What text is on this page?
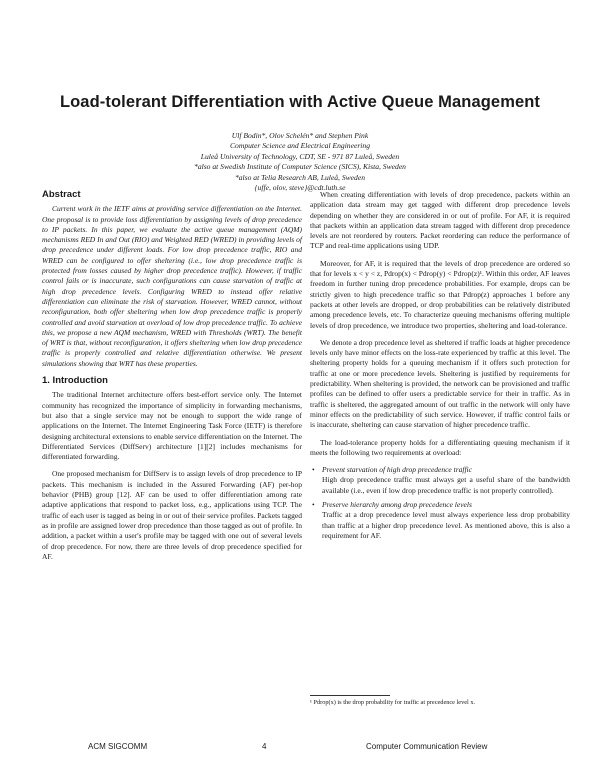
Load-tolerant Differentiation with Active Queue Management
Ulf Bodin*, Olov Schelén* and Stephen Pink
Computer Science and Electrical Engineering
Luleå University of Technology, CDT, SE - 971 87 Luleå, Sweden
*also at Swedish Institute of Computer Science (SICS), Kista, Sweden
*also at Telia Research AB, Luleå, Sweden
{uffe, olov, steve}@cdt.luth.se
Abstract

Current work in the IETF aims at providing service differentiation on the Internet. One proposal is to provide loss differentiation by assigning levels of drop precedence to IP packets. In this paper, we evaluate the active queue management (AQM) mechanisms RED In and Out (RIO) and Weighted RED (WRED) in providing levels of drop precedence under different loads. For low drop precedence traffic, RIO and WRED can be configured to offer sheltering (i.e., low drop precedence traffic is protected from losses caused by higher drop precedence traffic). However, if traffic control fails or is inaccurate, such configurations can cause starvation of traffic at high drop precedence levels. Configuring WRED to instead offer relative differentiation can eliminate the risk of starvation. However, WRED cannot, without reconfiguration, both offer sheltering when low drop precedence traffic is properly controlled and avoid starvation at overload of low drop precedence traffic. To achieve this, we propose a new AQM mechanism, WRED with Thresholds (WRT). The benefit of WRT is that, without reconfiguration, it offers sheltering when low drop precedence traffic is properly controlled and relative differentiation otherwise. We present simulations showing that WRT has these properties.

1. Introduction

The traditional Internet architecture offers best-effort service only. The Internet community has recognized the importance of simplicity in forwarding mechanisms, but also that a single service may not be enough to support the wide range of applications on the Internet. The Internet Engineering Task Force (IETF) is therefore designing architectural extensions to enable service differentiation on the Internet. The Differentiated Services (DiffServ) architecture [1][2] includes mechanisms for differentiated forwarding.

One proposed mechanism for DiffServ is to assign levels of drop precedence to IP packets. This mechanism is included in the Assured Forwarding (AF) per-hop behavior (PHB) group [12]. AF can be used to offer differentiation among rate adaptive applications that respond to packet loss, e.g., applications using TCP. The traffic of each user is tagged as being in or out of their service profiles. Packets tagged as in profile are assigned lower drop precedence than those tagged as out of profile. In addition, a packet within a user's profile may be tagged with one out of several levels of drop precedence. For now, there are three levels of drop precedence specified for AF.

When creating differentiation with levels of drop precedence, packets within an application data stream may get tagged with different drop precedence levels depending on whether they are considered in or out of profile. For AF, it is required that packets within an application data stream tagged with different drop precedence levels are not reordered by routers. Packet reordering can reduce the performance of TCP and real-time applications using UDP.

Moreover, for AF, it is required that the levels of drop precedence are ordered so that for levels x < y < z, Pdrop(x) < Pdrop(y) < Pdrop(z)¹. Within this order, AF leaves freedom in further tuning drop precedence probabilities. For example, drops can be strictly given to high precedence traffic so that Pdrop(z) approaches 1 before any packets at other levels are dropped, or drop probabilities can be relatively distributed among precedence levels, etc. To characterize queuing mechanisms offering multiple levels of drop precedence, we introduce two properties, sheltering and load-tolerance.

We denote a drop precedence level as sheltered if traffic loads at higher precedence levels only have minor effects on the loss-rate experienced by traffic at this level. The sheltering property holds for a queuing mechanism if it offers such protection for traffic at one or more precedence levels. Sheltering is justified by requirements for predictability. When sheltering is provided, the network can be provisioned and traffic profiles can be defined to offer users a predictable service for their in traffic. As in traffic is sheltered, the aggregated amount of out traffic in the network will only have minor effects on the predictability of such service. However, if traffic control fails or is inaccurate, sheltering can cause starvation of higher precedence traffic.

The load-tolerance property holds for a differentiating queuing mechanism if it meets the following two requirements at overload:

• Prevent starvation of high drop precedence traffic
High drop precedence traffic must always get a useful share of the bandwidth available (i.e., even if low drop precedence traffic is not properly controlled).
• Preserve hierarchy among drop precedence levels
Traffic at a drop precedence level must always experience less drop probability than traffic at a higher drop precedence level. As mentioned above, this is also a requirement for AF.
¹ Pdrop(x) is the drop probability for traffic at precedence level x.
ACM SIGCOMM	4	Computer Communication Review
